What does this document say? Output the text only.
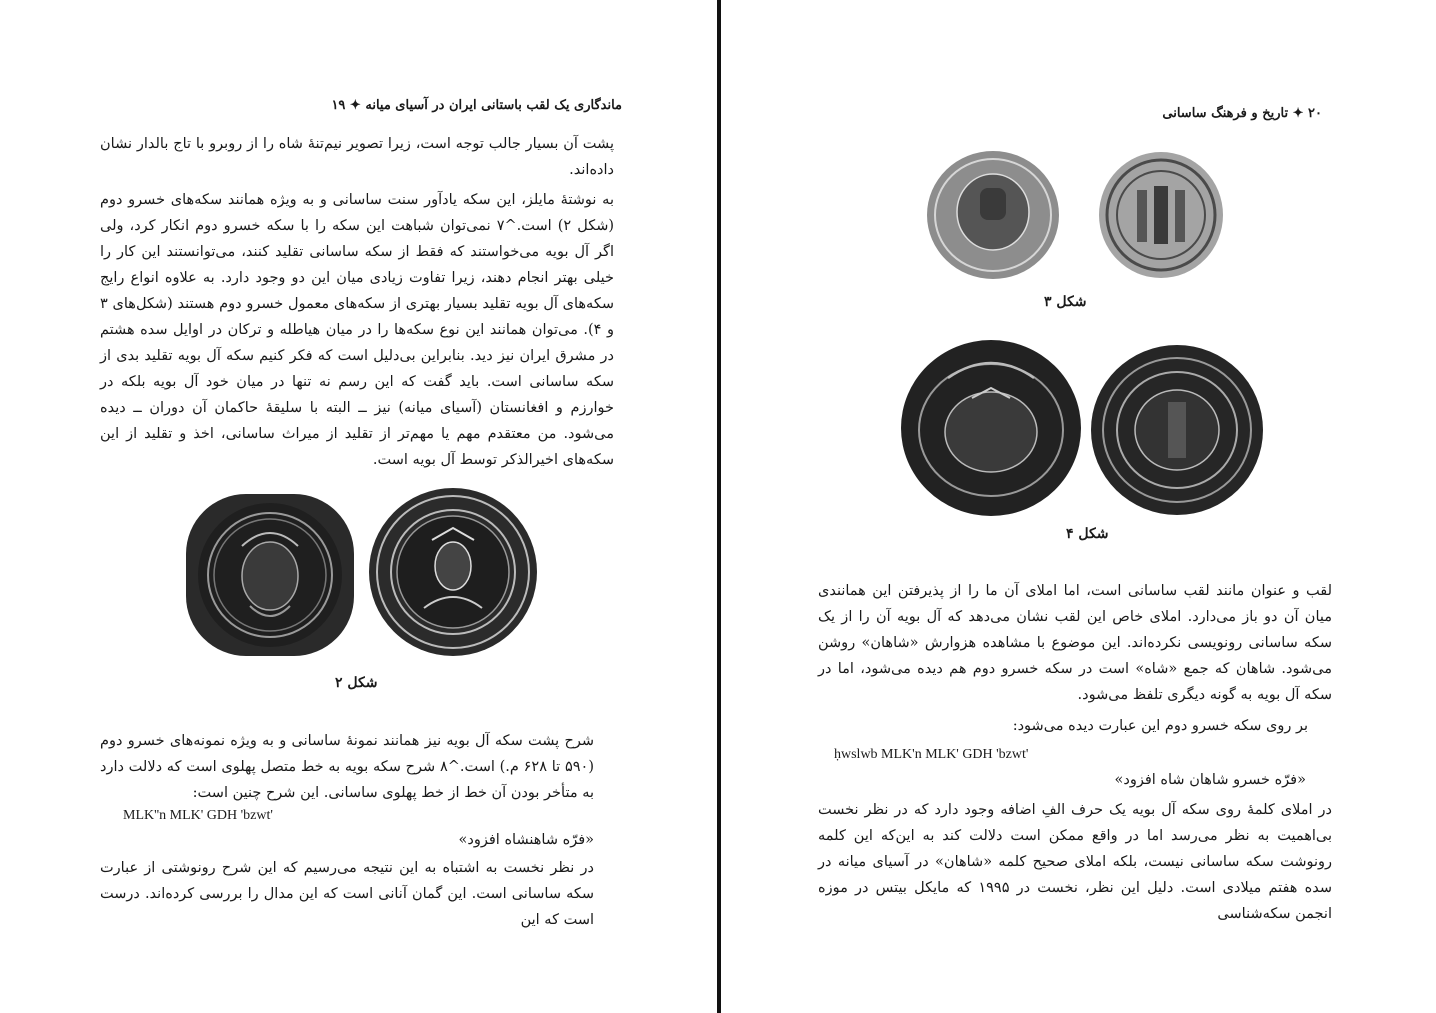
ماندگاری یک لقب باستانی ایران در آسیای میانه ✦ ۱۹

پشت آن بسیار جالب توجه است، زیرا تصویر نیم‌تنهٔ شاه را از روبرو با تاج بالدار نشان داده‌اند.

به نوشتهٔ مایلز، این سکه یادآور سنت ساسانی و به ویژه همانند سکه‌های خسرو دوم (شکل ۲) است.^۷ نمی‌توان شباهت این سکه را با سکه خسرو دوم انکار کرد، ولی اگر آل بویه می‌خواستند که فقط از سکه ساسانی تقلید کنند، می‌توانستند این کار را خیلی بهتر انجام دهند، زیرا تفاوت زیادی میان این دو وجود دارد. به علاوه انواع رایج سکه‌های آل بویه تقلید بسیار بهتری از سکه‌های معمول خسرو دوم هستند (شکل‌های ۳ و ۴). می‌توان همانند این نوع سکه‌ها را در میان هیاطله و ترکان در اوایل سده هشتم در مشرق ایران نیز دید. بنابراین بی‌دلیل است که فکر کنیم سکه آل بویه تقلید بدی از سکه ساسانی است. باید گفت که این رسم نه تنها در میان خود آل بویه بلکه در خوارزم و افغانستان (آسیای میانه) نیز ــ البته با سلیقهٔ حاکمان آن دوران ــ دیده می‌شود. من معتقدم مهم یا مهم‌تر از تقلید از میراث ساسانی، اخذ و تقلید از این سکه‌های اخیرالذکر توسط آل بویه است.

شکل ۲
شرح پشت سکه آل بویه نیز همانند نمونهٔ ساسانی و به ویژه نمونه‌های خسرو دوم (۵۹۰ تا ۶۲۸ م.) است.^۸ شرح سکه بویه به خط متصل پهلوی است که دلالت دارد به متأخر بودن آن خط از خط پهلوی ساسانی. این شرح چنین است:
MLK''n MLK' GDH 'bzwt'
«فرّه شاهنشاه افزود»
در نظر نخست به اشتباه به این نتیجه می‌رسیم که این شرح رونوشتی از عبارت سکه ساسانی است. این گمان آنانی است که این مدال را بررسی کرده‌اند. درست است که این
۲۰ ✦ تاریخ و فرهنگ ساسانی
شکل ۳
شکل ۴
لقب و عنوان مانند لقب ساسانی است، اما املای آن ما را از پذیرفتن این همانندی میان آن دو باز می‌دارد. املای خاص این لقب نشان می‌دهد که آل بویه آن را از یک سکه ساسانی رونویسی نکرده‌اند. این موضوع با مشاهده هزوارش «شاهان» روشن می‌شود. شاهان که جمع «شاه» است در سکه خسرو دوم هم دیده می‌شود، اما در سکه آل بویه به گونه دیگری تلفظ می‌شود.
بر روی سکه خسرو دوم این عبارت دیده می‌شود:
ḥwslwb MLK'n MLK' GDH 'bzwt'
«فرّه خسرو شاهان شاه افزود»
در املای کلمهٔ روی سکه آل بویه یک حرف الفِ اضافه وجود دارد که در نظر نخست بی‌اهمیت به نظر می‌رسد اما در واقع ممکن است دلالت کند به این‌که این کلمه رونوشت سکه ساسانی نیست، بلکه املای صحیح کلمه «شاهان» در آسیای میانه در سده هفتم میلادی است. دلیل این نظر، نخست در ۱۹۹۵ که مایکل بیتس در موزه انجمن سکه‌شناسی
